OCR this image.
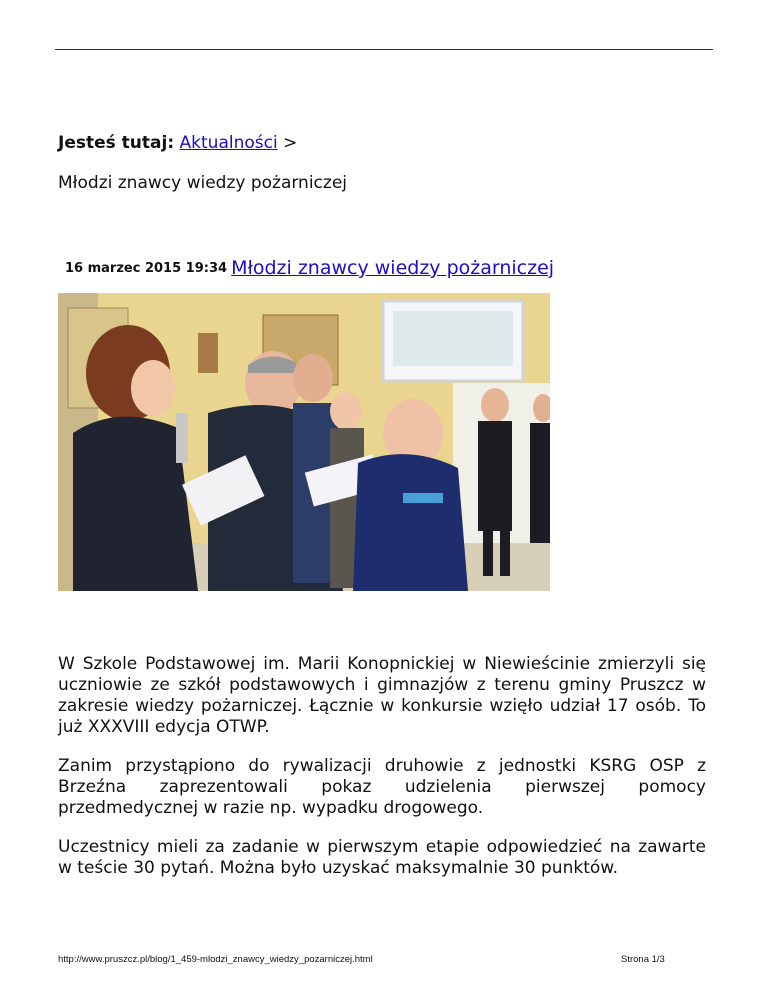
Jesteś tutaj: Aktualności >
Młodzi znawcy wiedzy pożarniczej
16 marzec 2015 19:34 Młodzi znawcy wiedzy pożarniczej

W Szkole Podstawowej im. Marii Konopnickiej w Niewieścinie zmierzyli się uczniowie ze szkół podstawowych i gimnazjów z terenu gminy Pruszcz w zakresie wiedzy pożarniczej. Łącznie w konkursie wzięło udział 17 osób. To już XXXVIII edycja OTWP.

Zanim przystąpiono do rywalizacji druhowie z jednostki KSRG OSP z Brzeźna zaprezentowali pokaz udzielenia pierwszej pomocy przedmedycznej w razie np. wypadku drogowego.

Uczestnicy mieli za zadanie w pierwszym etapie odpowiedzieć na zawarte w teście 30 pytań. Można było uzyskać maksymalnie 30 punktów.

http://www.pruszcz.pl/blog/1_459-mlodzi_znawcy_wiedzy_pozarniczej.html	Strona 1/3
